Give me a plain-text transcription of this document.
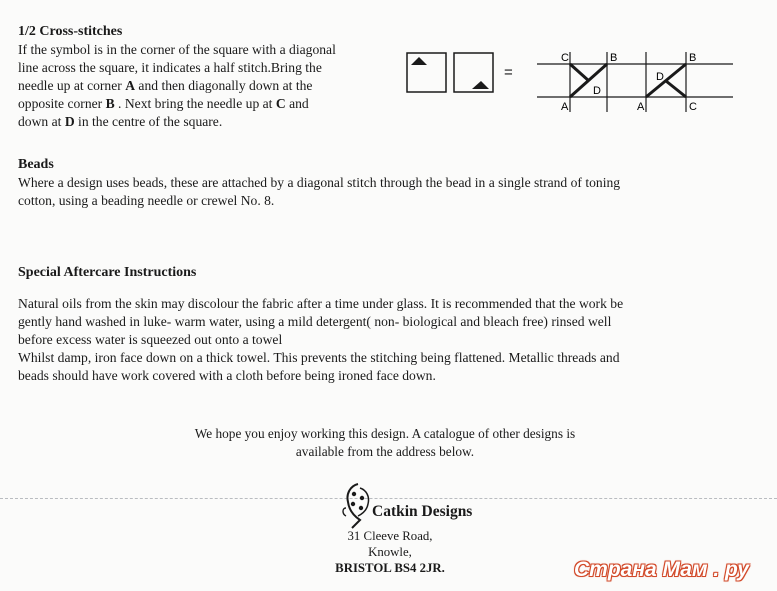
1/2 Cross-stitches
If the symbol is in the corner of the square with a diagonal
line across the square, it indicates a half stitch.Bring the
needle up at corner A and then diagonally down at the
opposite corner B . Next bring the needle up at C and
down at D in the centre of the square.
=
C	B
D
A	A
D
B
C
Beads
Where a design uses beads, these are attached by a diagonal stitch through the bead in a single strand of toning
cotton, using a beading needle or crewel No. 8.
Special Aftercare Instructions
Natural oils from the skin may discolour the fabric after a time under glass. It is recommended that the work be
gently hand washed in luke- warm water, using a mild detergent( non- biological and bleach free) rinsed well
before excess water is squeezed out onto a towel
Whilst damp, iron face down on a thick towel. This prevents the stitching being flattened. Metallic threads and
beads should have work covered with a cloth before being ironed face down.
We hope you enjoy working this design. A catalogue of other designs is
available from the address below.
Catkin Designs
31 Cleeve Road,
Knowle,
BRISTOL BS4 2JR.	Страна Мам . ру
